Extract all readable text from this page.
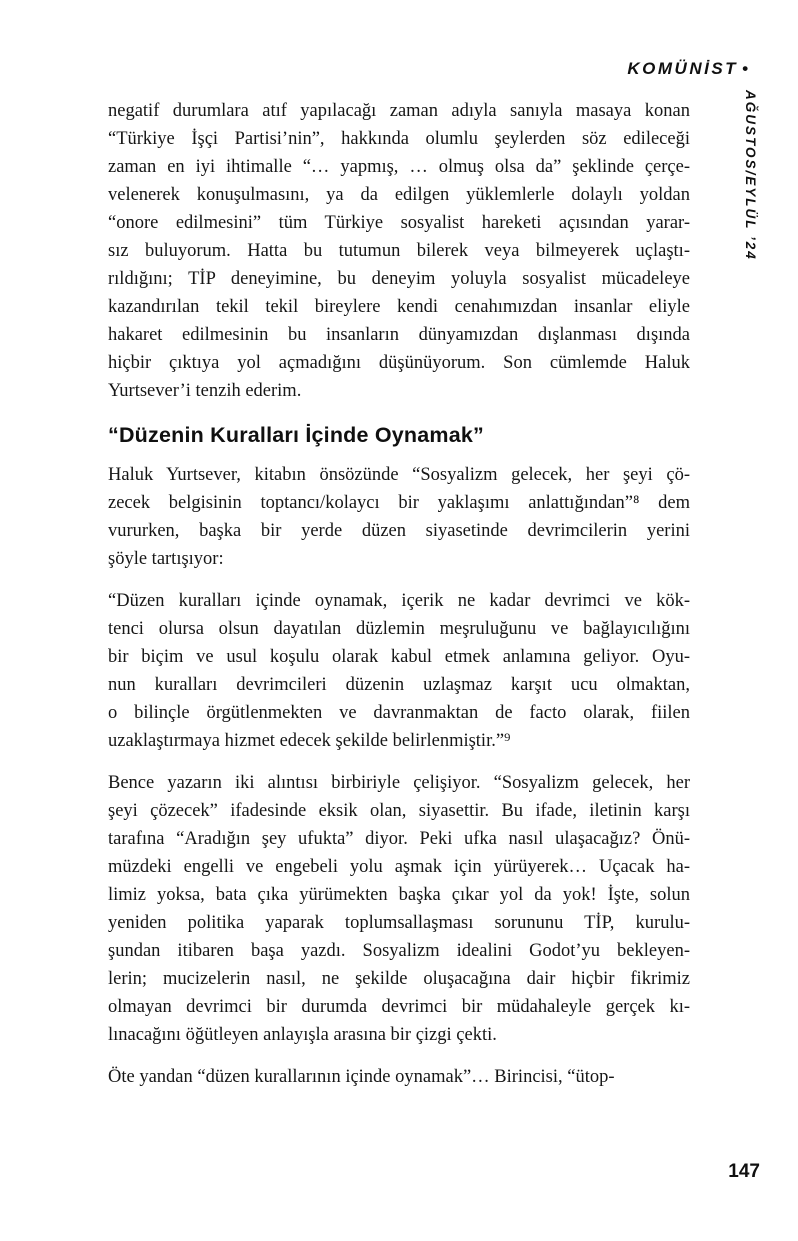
KOMÜNİST •
AĞUSTOS/EYLÜL ’24
negatif durumlara atıf yapılacağı zaman adıyla sanıyla masaya konan
“Türkiye İşçi Partisi’nin”, hakkında olumlu şeylerden söz edileceği
zaman en iyi ihtimalle “… yapmış, … olmuş olsa da” şeklinde çerçe-
velenerek konuşulmasını, ya da edilgen yüklemlerle dolaylı yoldan
“onore edilmesini” tüm Türkiye sosyalist hareketi açısından yarar-
sız buluyorum. Hatta bu tutumun bilerek veya bilmeyerek uçlaştı-
rıldığını; TİP deneyimine, bu deneyim yoluyla sosyalist mücadeleye
kazandırılan tekil tekil bireylere kendi cenahımızdan insanlar eliyle
hakaret edilmesinin bu insanların dünyamızdan dışlanması dışında
hiçbir çıktıya yol açmadığını düşünüyorum. Son cümlemde Haluk
Yurtsever’i tenzih ederim.
“Düzenin Kuralları İçinde Oynamak”
Haluk Yurtsever, kitabın önsözünde “Sosyalizm gelecek, her şeyi çö-
zecek belgisinin toptancı/kolaycı bir yaklaşımı anlattığından”⁸ dem
vururken, başka bir yerde düzen siyasetinde devrimcilerin yerini
şöyle tartışıyor:
“Düzen kuralları içinde oynamak, içerik ne kadar devrimci ve kök-
tenci olursa olsun dayatılan düzlemin meşruluğunu ve bağlayıcılığını
bir biçim ve usul koşulu olarak kabul etmek anlamına geliyor. Oyu-
nun kuralları devrimcileri düzenin uzlaşmaz karşıt ucu olmaktan,
o bilinçle örgütlenmekten ve davranmaktan de facto olarak, fiilen
uzaklaştırmaya hizmet edecek şekilde belirlenmiştir.”⁹
Bence yazarın iki alıntısı birbiriyle çelişiyor. “Sosyalizm gelecek, her
şeyi çözecek” ifadesinde eksik olan, siyasettir. Bu ifade, iletinin karşı
tarafına “Aradığın şey ufukta” diyor. Peki ufka nasıl ulaşacağız? Önü-
müzdeki engelli ve engebeli yolu aşmak için yürüyerek… Uçacak ha-
limiz yoksa, bata çıka yürümekten başka çıkar yol da yok! İşte, solun
yeniden politika yaparak toplumsallaşması sorununu TİP, kurulu-
şundan itibaren başa yazdı. Sosyalizm idealini Godot’yu bekleyen-
lerin; mucizelerin nasıl, ne şekilde oluşacağına dair hiçbir fikrimiz
olmayan devrimci bir durumda devrimci bir müdahaleyle gerçek kı-
lınacağını öğütleyen anlayışla arasına bir çizgi çekti.
Öte yandan “düzen kurallarının içinde oynamak”… Birincisi, “ütop-
147
